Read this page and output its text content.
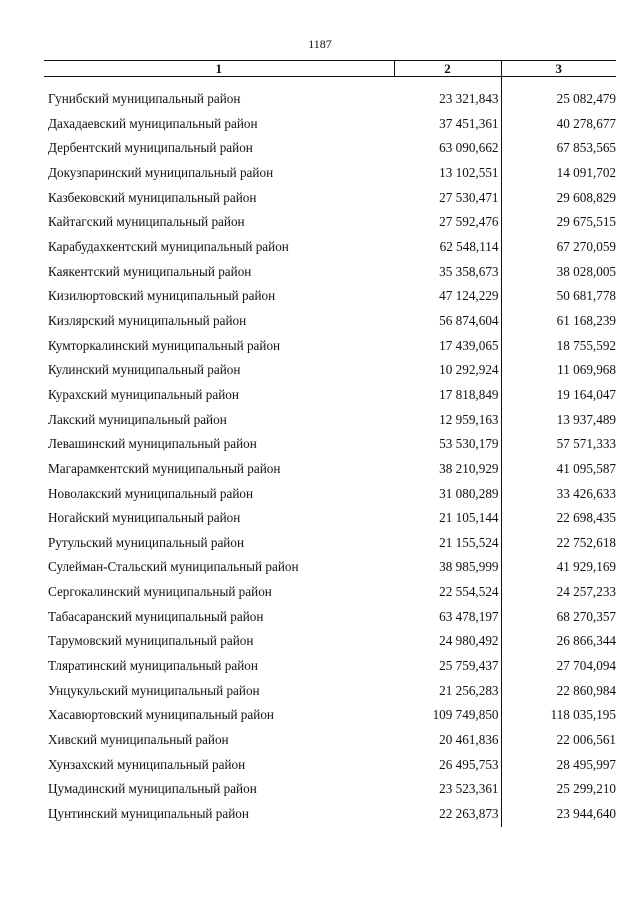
1187
1	2	3
Гунибский муниципальный район	23 321,843	25 082,479
Дахадаевский муниципальный район	37 451,361	40 278,677
Дербентский муниципальный район	63 090,662	67 853,565
Докузпаринский муниципальный район	13 102,551	14 091,702
Казбековский муниципальный район	27 530,471	29 608,829
Кайтагский муниципальный район	27 592,476	29 675,515
Карабудахкентский муниципальный район	62 548,114	67 270,059
Каякентский муниципальный район	35 358,673	38 028,005
Кизилюртовский муниципальный район	47 124,229	50 681,778
Кизлярский муниципальный район	56 874,604	61 168,239
Кумторкалинский муниципальный район	17 439,065	18 755,592
Кулинский муниципальный район	10 292,924	11 069,968
Курахский муниципальный район	17 818,849	19 164,047
Лакский муниципальный район	12 959,163	13 937,489
Левашинский муниципальный район	53 530,179	57 571,333
Магарамкентский муниципальный район	38 210,929	41 095,587
Новолакский муниципальный район	31 080,289	33 426,633
Ногайский муниципальный район	21 105,144	22 698,435
Рутульский муниципальный район	21 155,524	22 752,618
Сулейман-Стальский муниципальный район	38 985,999	41 929,169
Сергокалинский муниципальный район	22 554,524	24 257,233
Табасаранский муниципальный район	63 478,197	68 270,357
Тарумовский муниципальный район	24 980,492	26 866,344
Тляратинский муниципальный район	25 759,437	27 704,094
Унцукульский муниципальный район	21 256,283	22 860,984
Хасавюртовский муниципальный район	109 749,850	118 035,195
Хивский муниципальный район	20 461,836	22 006,561
Хунзахский муниципальный район	26 495,753	28 495,997
Цумадинский муниципальный район	23 523,361	25 299,210
Цунтинский муниципальный район	22 263,873	23 944,640
